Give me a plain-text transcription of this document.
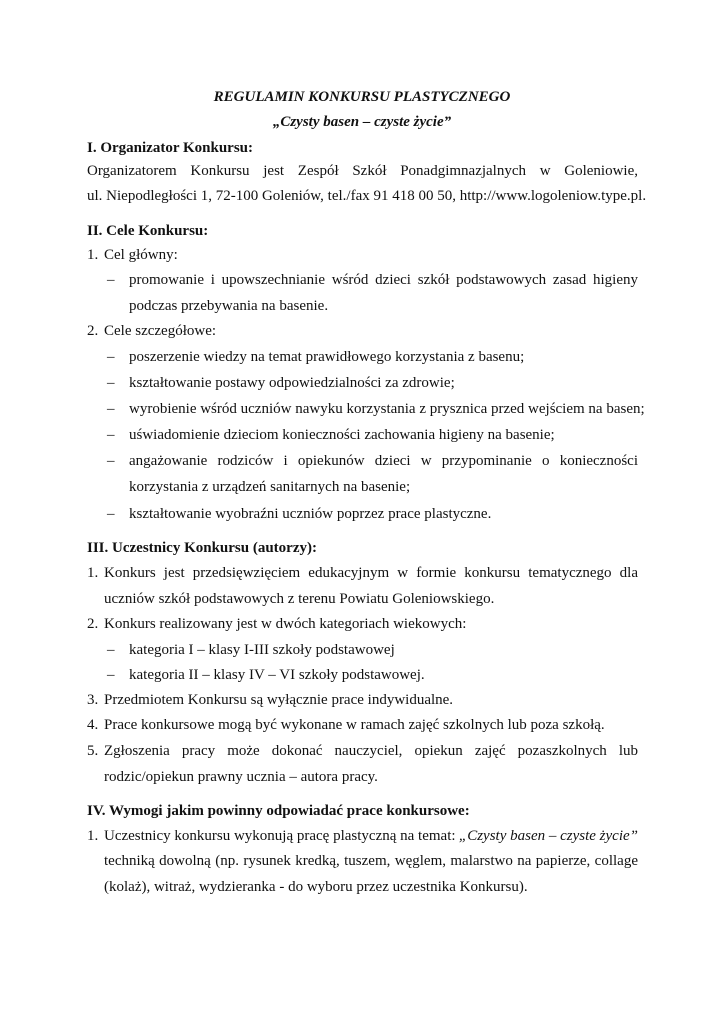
REGULAMIN KONKURSU PLASTYCZNEGO
„Czysty basen – czyste życie”
I. Organizator Konkursu:
Organizatorem Konkursu jest Zespół Szkół Ponadgimnazjalnych w Goleniowie,
ul. Niepodległości 1, 72-100 Goleniów, tel./fax 91 418 00 50, http://www.logoleniow.type.pl.
II. Cele Konkursu:
1. Cel główny:
– promowanie i upowszechnianie wśród dzieci szkół podstawowych zasad higieny
podczas przebywania na basenie.
2. Cele szczegółowe:
– poszerzenie wiedzy na temat prawidłowego korzystania z basenu;
– kształtowanie postawy odpowiedzialności za zdrowie;
– wyrobienie wśród uczniów nawyku korzystania z prysznica przed wejściem na basen;
– uświadomienie dzieciom konieczności zachowania higieny na basenie;
– angażowanie rodziców i opiekunów dzieci w przypominanie o konieczności
korzystania z urządzeń sanitarnych na basenie;
– kształtowanie wyobraźni uczniów poprzez prace plastyczne.
III. Uczestnicy Konkursu (autorzy):
1. Konkurs jest przedsięwzięciem edukacyjnym w formie konkursu tematycznego dla
uczniów szkół podstawowych z terenu Powiatu Goleniowskiego.
2. Konkurs realizowany jest w dwóch kategoriach wiekowych:
– kategoria I – klasy I-III szkoły podstawowej
– kategoria II – klasy IV – VI szkoły podstawowej.
3. Przedmiotem Konkursu są wyłącznie prace indywidualne.
4. Prace konkursowe mogą być wykonane w ramach zajęć szkolnych lub poza szkołą.
5. Zgłoszenia pracy może dokonać nauczyciel, opiekun zajęć pozaszkolnych lub
rodzic/opiekun prawny ucznia – autora pracy.
IV. Wymogi jakim powinny odpowiadać prace konkursowe:
1. Uczestnicy konkursu wykonują pracę plastyczną na temat: „Czysty basen – czyste życie”
techniką dowolną (np. rysunek kredką, tuszem, węglem, malarstwo na papierze, collage
(kolaż), witraż, wydzieranka - do wyboru przez uczestnika Konkursu).
